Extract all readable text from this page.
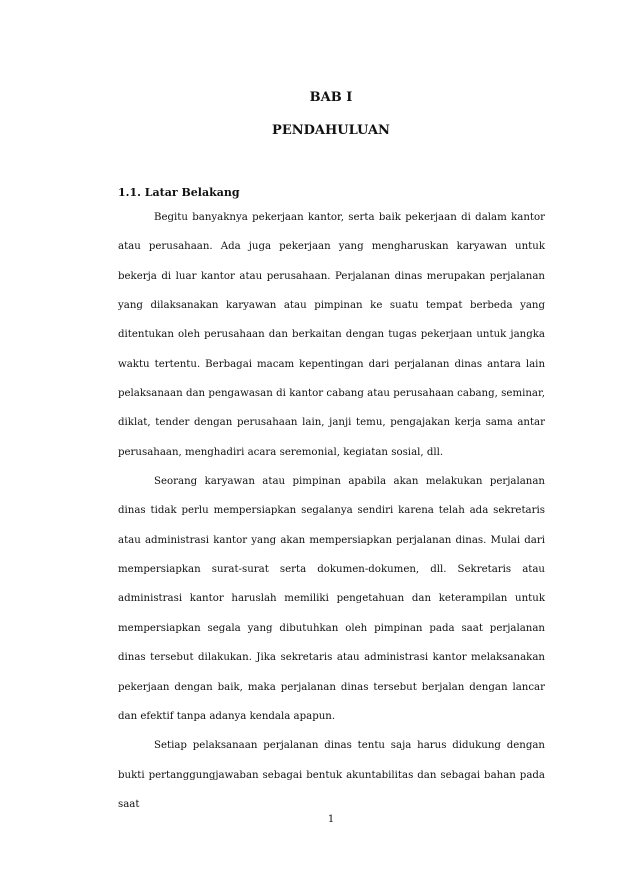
BAB I
PENDAHULUAN
1.1. Latar Belakang

Begitu banyaknya pekerjaan kantor, serta baik pekerjaan di dalam kantor atau perusahaan. Ada juga pekerjaan yang mengharuskan karyawan untuk bekerja di luar kantor atau perusahaan. Perjalanan dinas merupakan perjalanan yang dilaksanakan karyawan atau pimpinan ke suatu tempat berbeda yang ditentukan oleh perusahaan dan berkaitan dengan tugas pekerjaan untuk jangka waktu tertentu. Berbagai macam kepentingan dari perjalanan dinas antara lain pelaksanaan dan pengawasan di kantor cabang atau perusahaan cabang, seminar, diklat, tender dengan perusahaan lain, janji temu, pengajakan kerja sama antar perusahaan, menghadiri acara seremonial, kegiatan sosial, dll.

Seorang karyawan atau pimpinan apabila akan melakukan perjalanan dinas tidak perlu mempersiapkan segalanya sendiri karena telah ada sekretaris atau administrasi kantor yang akan mempersiapkan perjalanan dinas. Mulai dari mempersiapkan surat-surat serta dokumen-dokumen, dll. Sekretaris atau administrasi kantor haruslah memiliki pengetahuan dan keterampilan untuk mempersiapkan segala yang dibutuhkan oleh pimpinan pada saat perjalanan dinas tersebut dilakukan. Jika sekretaris atau administrasi kantor melaksanakan pekerjaan dengan baik, maka perjalanan dinas tersebut berjalan dengan lancar dan efektif tanpa adanya kendala apapun.

Setiap pelaksanaan perjalanan dinas tentu saja harus didukung dengan bukti pertanggungjawaban sebagai bentuk akuntabilitas dan sebagai bahan pada saat

1
